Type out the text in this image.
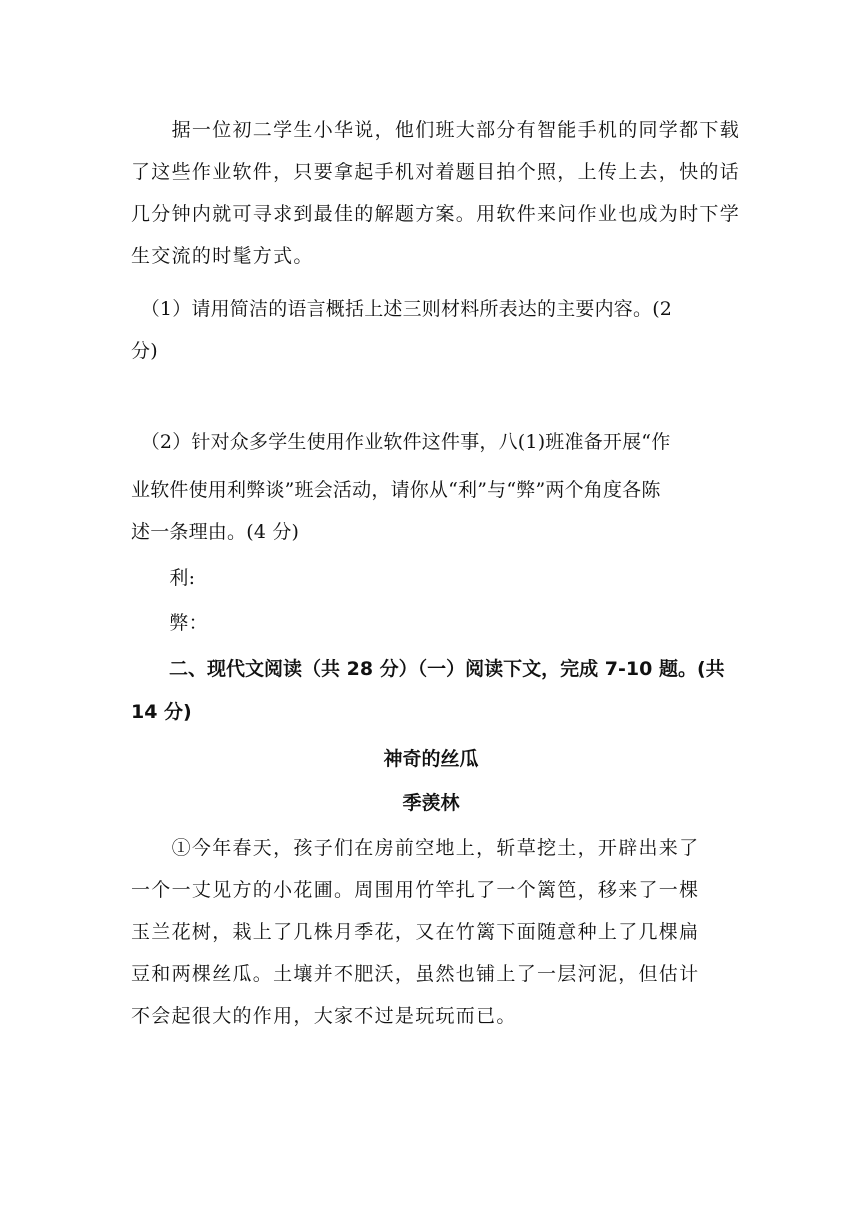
　　据一位初二学生小华说，他们班大部分有智能手机的同学都下载
了这些作业软件，只要拿起手机对着题目拍个照，上传上去，快的话
几分钟内就可寻求到最佳的解题方案。用软件来问作业也成为时下学
生交流的时髦方式。
　（1）请用简洁的语言概括上述三则材料所表达的主要内容。(2
分)
　（2）针对众多学生使用作业软件这件事，八(1)班准备开展“作
业软件使用利弊谈”班会活动，请你从“利”与“弊”两个角度各陈
述一条理由。(4 分)
　　利:
　　弊：
　　二、现代文阅读（共 28 分）（一）阅读下文，完成 7-10 题。(共
14 分)
神奇的丝瓜
季羡林
　　①今年春天，孩子们在房前空地上，斩草挖土，开辟出来了
一个一丈见方的小花圃。周围用竹竿扎了一个篱笆，移来了一棵
玉兰花树，栽上了几株月季花，又在竹篱下面随意种上了几棵扁
豆和两棵丝瓜。土壤并不肥沃，虽然也铺上了一层河泥，但估计
不会起很大的作用，大家不过是玩玩而已。
